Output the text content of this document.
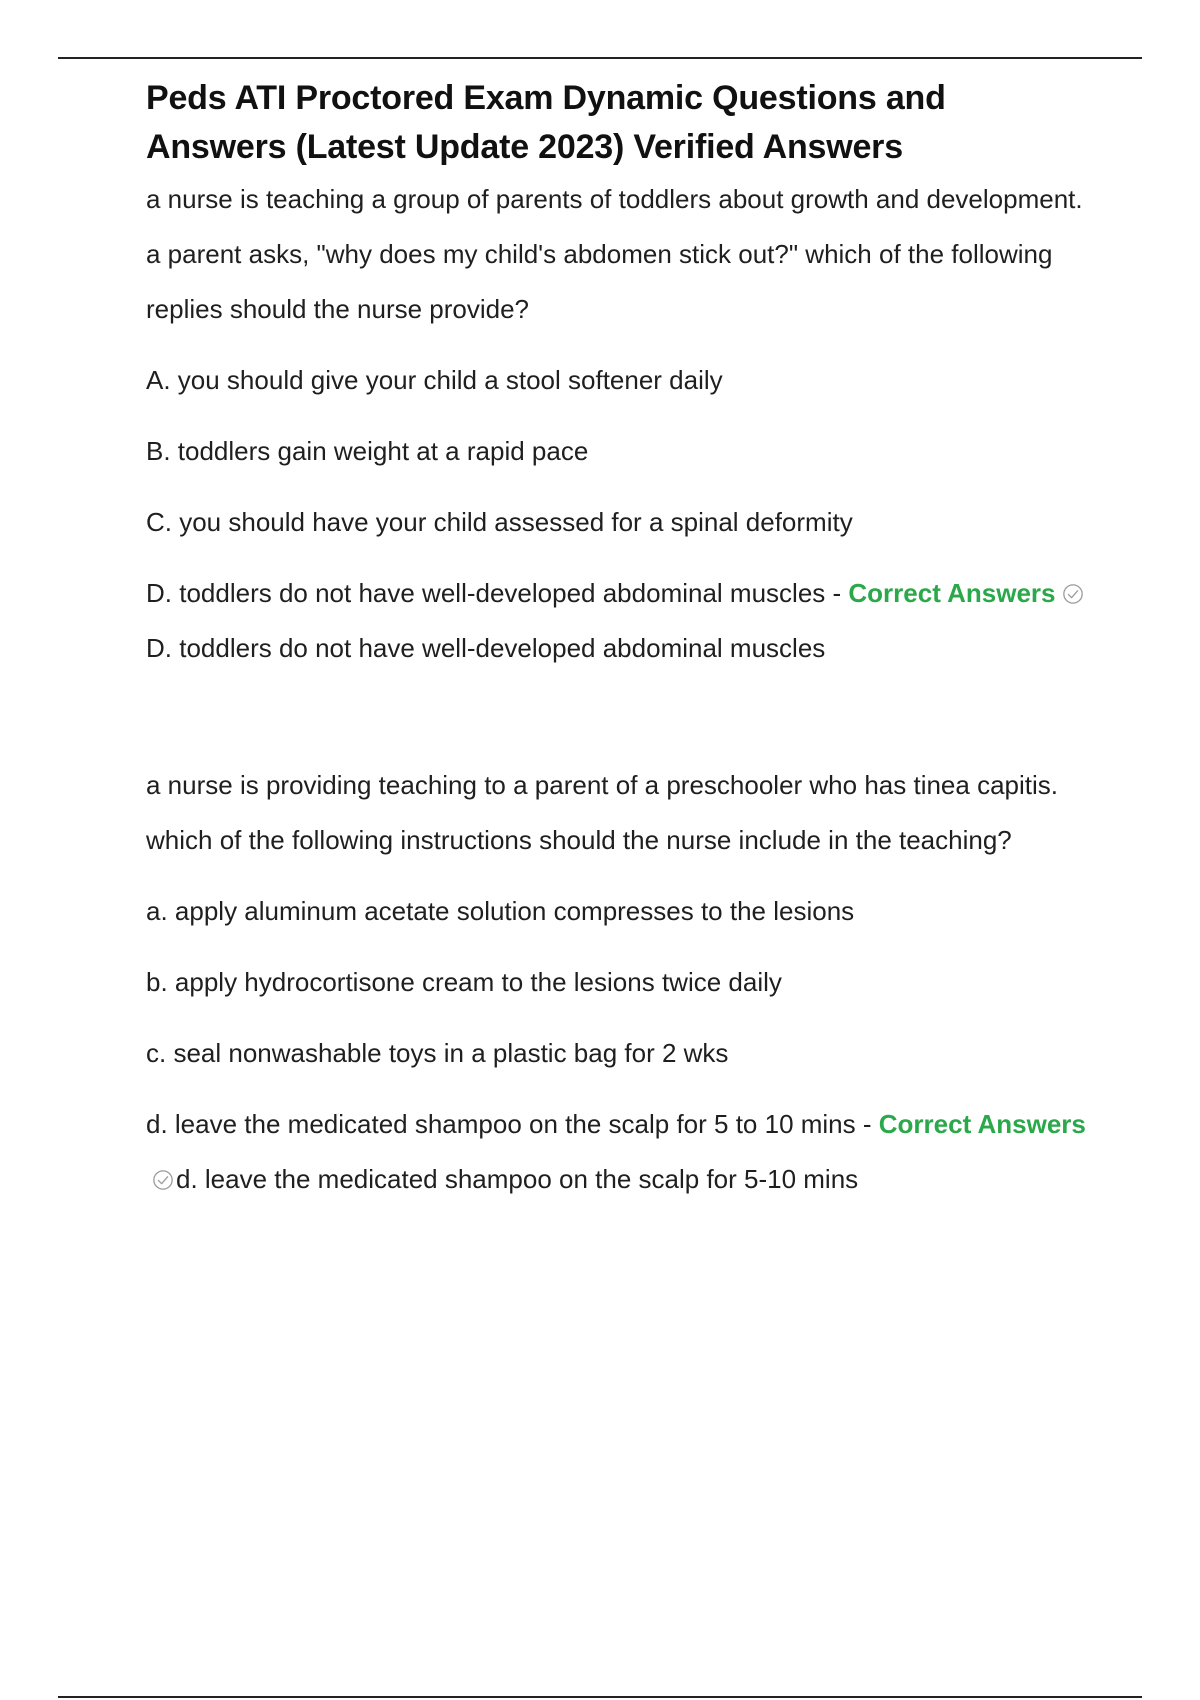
Peds ATI Proctored Exam Dynamic Questions and Answers (Latest Update 2023) Verified Answers

a nurse is teaching a group of parents of toddlers about growth and development. a parent asks, "why does my child's abdomen stick out?" which of the following replies should the nurse provide?

A. you should give your child a stool softener daily

B. toddlers gain weight at a rapid pace

C. you should have your child assessed for a spinal deformity

D. toddlers do not have well-developed abdominal muscles - Correct AnswersD. toddlers do not have well-developed abdominal muscles

a nurse is providing teaching to a parent of a preschooler who has tinea capitis. which of the following instructions should the nurse include in the teaching?

a. apply aluminum acetate solution compresses to the lesions

b. apply hydrocortisone cream to the lesions twice daily

c. seal nonwashable toys in a plastic bag for 2 wks

d. leave the medicated shampoo on the scalp for 5 to 10 mins - Correct Answersd. leave the medicated shampoo on the scalp for 5-10 mins
